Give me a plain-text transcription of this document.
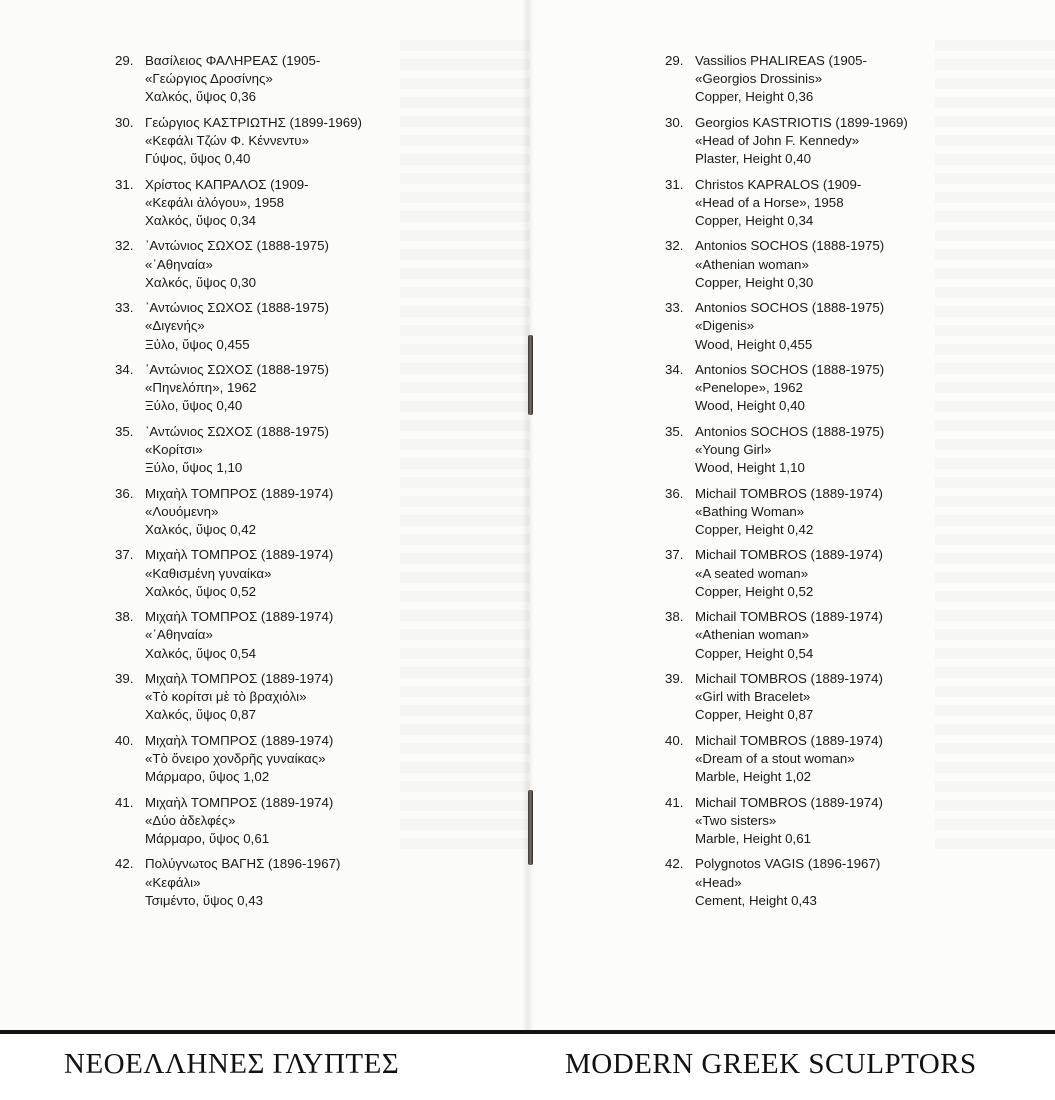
29. Βασίλειος ΦΑΛΗΡΕΑΣ (1905-
«Γεώργιος Δροσίνης»
Χαλκός, ὕψος 0,36
30. Γεώργιος ΚΑΣΤΡΙΩΤΗΣ (1899-1969)
«Κεφάλι Τζών Φ. Κέννεντυ»
Γύψος, ὕψος 0,40
31. Χρίστος ΚΑΠΡΑΛΟΣ (1909-
«Κεφάλι ἀλόγου», 1958
Χαλκός, ὕψος 0,34
32. ᾿Αντώνιος ΣΩΧΟΣ (1888-1975)
«᾿Αθηναία»
Χαλκός, ὕψος 0,30
33. ᾿Αντώνιος ΣΩΧΟΣ (1888-1975)
«Διγενής»
Ξύλο, ὕψος 0,455
34. ᾿Αντώνιος ΣΩΧΟΣ (1888-1975)
«Πηνελόπη», 1962
Ξύλο, ὕψος 0,40
35. ᾿Αντώνιος ΣΩΧΟΣ (1888-1975)
«Κορίτσι»
Ξύλο, ὕψος 1,10
36. Μιχαὴλ ΤΟΜΠΡΟΣ (1889-1974)
«Λουόμενη»
Χαλκός, ὕψος 0,42
37. Μιχαὴλ ΤΟΜΠΡΟΣ (1889-1974)
«Καθισμένη γυναίκα»
Χαλκός, ὕψος 0,52
38. Μιχαὴλ ΤΟΜΠΡΟΣ (1889-1974)
«᾿Αθηναία»
Χαλκός, ὕψος 0,54
39. Μιχαὴλ ΤΟΜΠΡΟΣ (1889-1974)
«Τὸ κορίτσι μὲ τὸ βραχιόλι»
Χαλκός, ὕψος 0,87
40. Μιχαὴλ ΤΟΜΠΡΟΣ (1889-1974)
«Τὸ ὄνειρο χονδρῆς γυναίκας»
Μάρμαρο, ὕψος 1,02
41. Μιχαὴλ ΤΟΜΠΡΟΣ (1889-1974)
«Δύο ἀδελφές»
Μάρμαρο, ὕψος 0,61
42. Πολύγνωτος ΒΑΓΗΣ (1896-1967)
«Κεφάλι»
Τσιμέντο, ὕψος 0,43
29. Vassilios PHALIREAS (1905-
«Georgios Drossinis»
Copper, Height 0,36
30. Georgios KASTRIOTIS (1899-1969)
«Head of John F. Kennedy»
Plaster, Height 0,40
31. Christos KAPRALOS (1909-
«Head of a Horse», 1958
Copper, Height 0,34
32. Antonios SOCHOS (1888-1975)
«Athenian woman»
Copper, Height 0,30
33. Antonios SOCHOS (1888-1975)
«Digenis»
Wood, Height 0,455
34. Antonios SOCHOS (1888-1975)
«Penelope», 1962
Wood, Height 0,40
35. Antonios SOCHOS (1888-1975)
«Young Girl»
Wood, Height 1,10
36. Michail TOMBROS (1889-1974)
«Bathing Woman»
Copper, Height 0,42
37. Michail TOMBROS (1889-1974)
«A seated woman»
Copper, Height 0,52
38. Michail TOMBROS (1889-1974)
«Athenian woman»
Copper, Height 0,54
39. Michail TOMBROS (1889-1974)
«Girl with Bracelet»
Copper, Height 0,87
40. Michail TOMBROS (1889-1974)
«Dream of a stout woman»
Marble, Height 1,02
41. Michail TOMBROS (1889-1974)
«Two sisters»
Marble, Height 0,61
42. Polygnotos VAGIS (1896-1967)
«Head»
Cement, Height 0,43
ΝΕΟΕΛΛΗΝΕΣ ΓΛΥΠΤΕΣ	MODERN GREEK SCULPTORS
